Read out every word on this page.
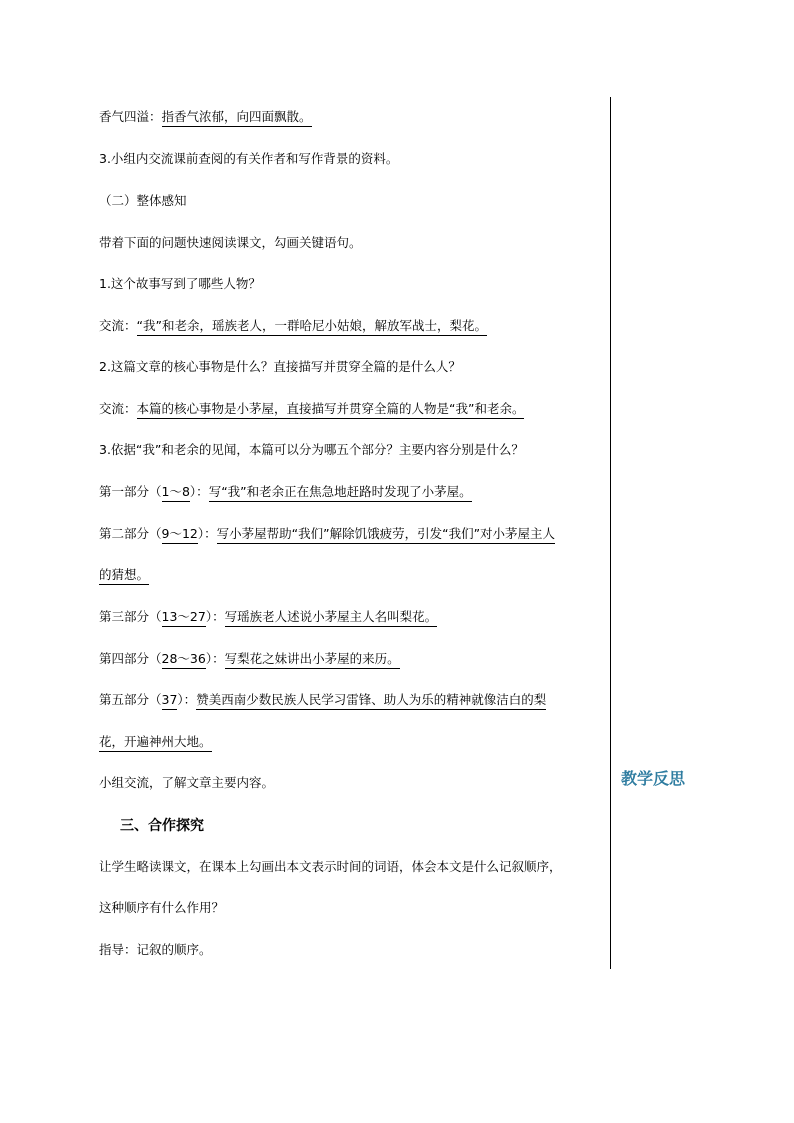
香气四溢：指香气浓郁，向四面飘散。
3.小组内交流课前查阅的有关作者和写作背景的资料。
（二）整体感知
带着下面的问题快速阅读课文，勾画关键语句。
1.这个故事写到了哪些人物？
交流：“我”和老余，瑶族老人，一群哈尼小姑娘，解放军战士，梨花。
2.这篇文章的核心事物是什么？直接描写并贯穿全篇的是什么人？
交流：本篇的核心事物是小茅屋，直接描写并贯穿全篇的人物是“我”和老余。
3.依据“我”和老余的见闻，本篇可以分为哪五个部分？主要内容分别是什么？
第一部分（1～8）：写“我”和老余正在焦急地赶路时发现了小茅屋。
第二部分（9～12）：写小茅屋帮助“我们”解除饥饿疲劳，引发“我们”对小茅屋主人
的猜想。
第三部分（13～27）：写瑶族老人述说小茅屋主人名叫梨花。
第四部分（28～36）：写梨花之妹讲出小茅屋的来历。
第五部分（37）：赞美西南少数民族人民学习雷锋、助人为乐的精神就像洁白的梨
花，开遍神州大地。
小组交流，了解文章主要内容。
三、合作探究
让学生略读课文，在课本上勾画出本文表示时间的词语，体会本文是什么记叙顺序，
这种顺序有什么作用？
指导：记叙的顺序。
教学反思
